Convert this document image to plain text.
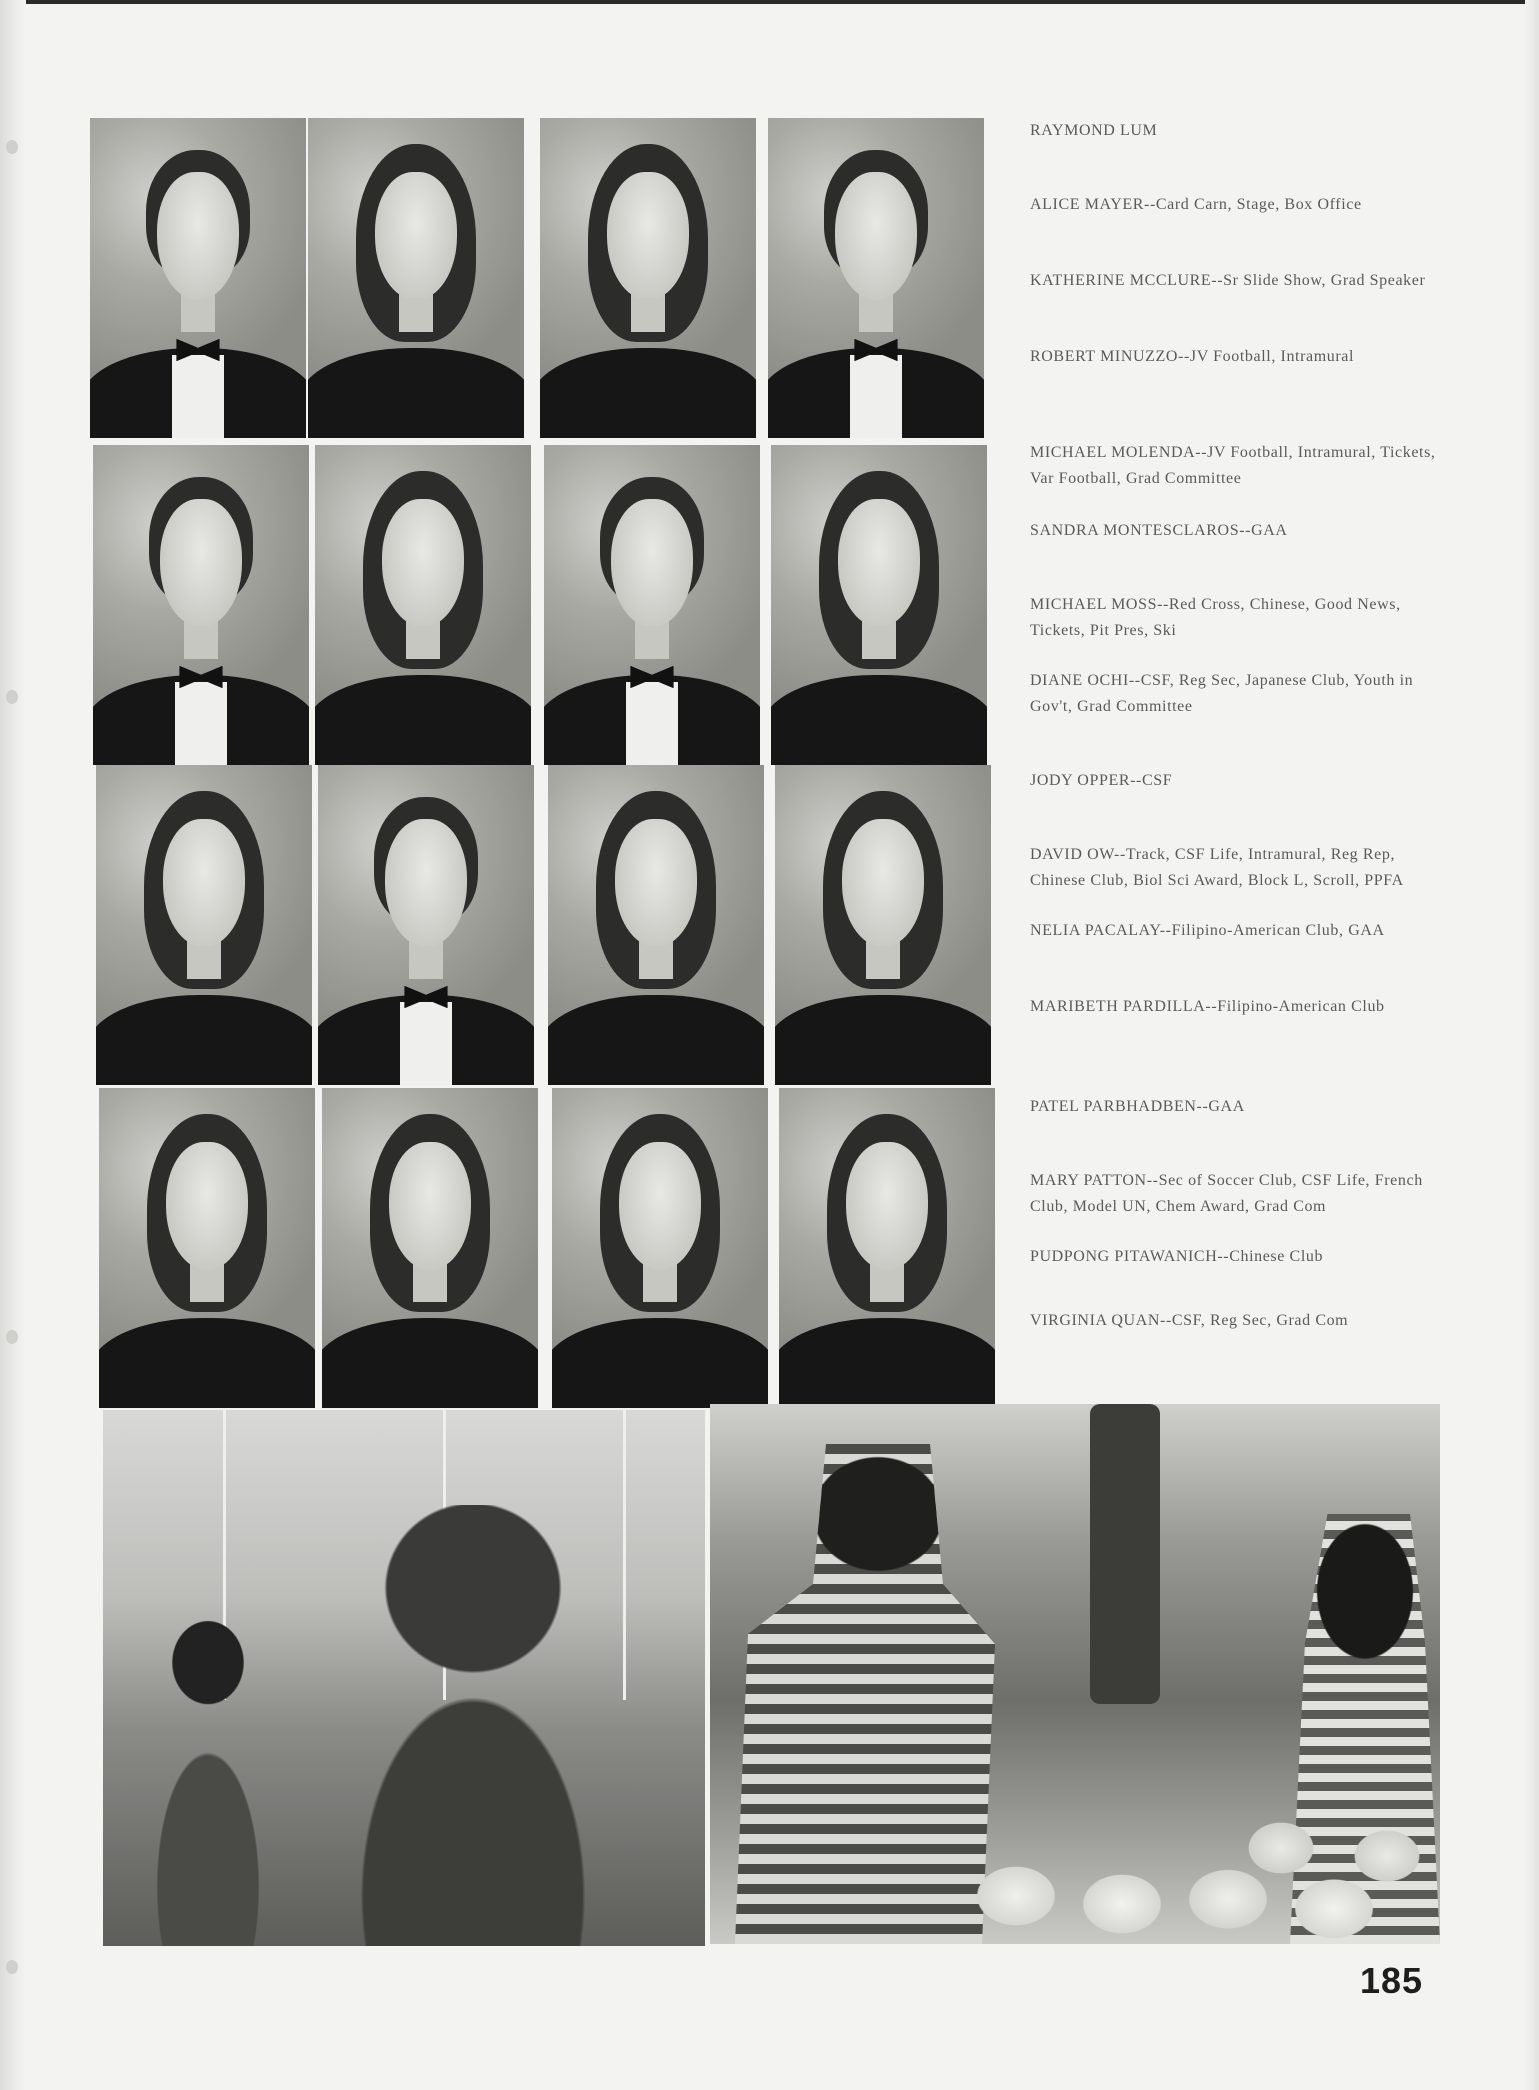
RAYMOND LUM
ALICE MAYER--Card Carn, Stage, Box Office
KATHERINE MCCLURE--Sr Slide Show, Grad Speaker
ROBERT MINUZZO--JV Football, Intramural
MICHAEL MOLENDA--JV Football, Intramural, Tickets, Var Football, Grad Committee
SANDRA MONTESCLAROS--GAA
MICHAEL MOSS--Red Cross, Chinese, Good News, Tickets, Pit Pres, Ski
DIANE OCHI--CSF, Reg Sec, Japanese Club, Youth in Gov't, Grad Committee
JODY OPPER--CSF
DAVID OW--Track, CSF Life, Intramural, Reg Rep, Chinese Club, Biol Sci Award, Block L, Scroll, PPFA
NELIA PACALAY--Filipino-American Club, GAA
MARIBETH PARDILLA--Filipino-American Club
PATEL PARBHADBEN--GAA
MARY PATTON--Sec of Soccer Club, CSF Life, French Club, Model UN, Chem Award, Grad Com
PUDPONG PITAWANICH--Chinese Club
VIRGINIA QUAN--CSF, Reg Sec, Grad Com
185
